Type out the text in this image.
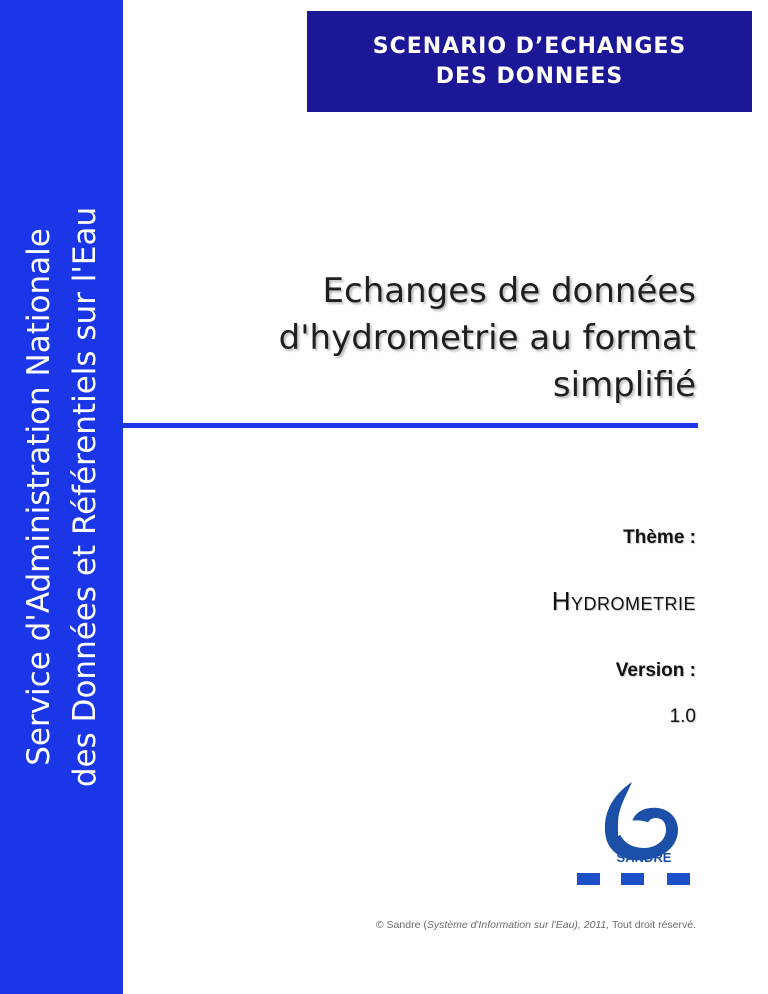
Service d'Administration Nationale des Données et Référentiels sur l'Eau
SCENARIO D’ECHANGES
DES DONNEES
Echanges de données
d'hydrometrie au format
simplifié
Thème :
Hydrometrie
Version :
1.0
SANDRE
© Sandre (Système d'Information sur l'Eau), 2011, Tout droit réservé.
